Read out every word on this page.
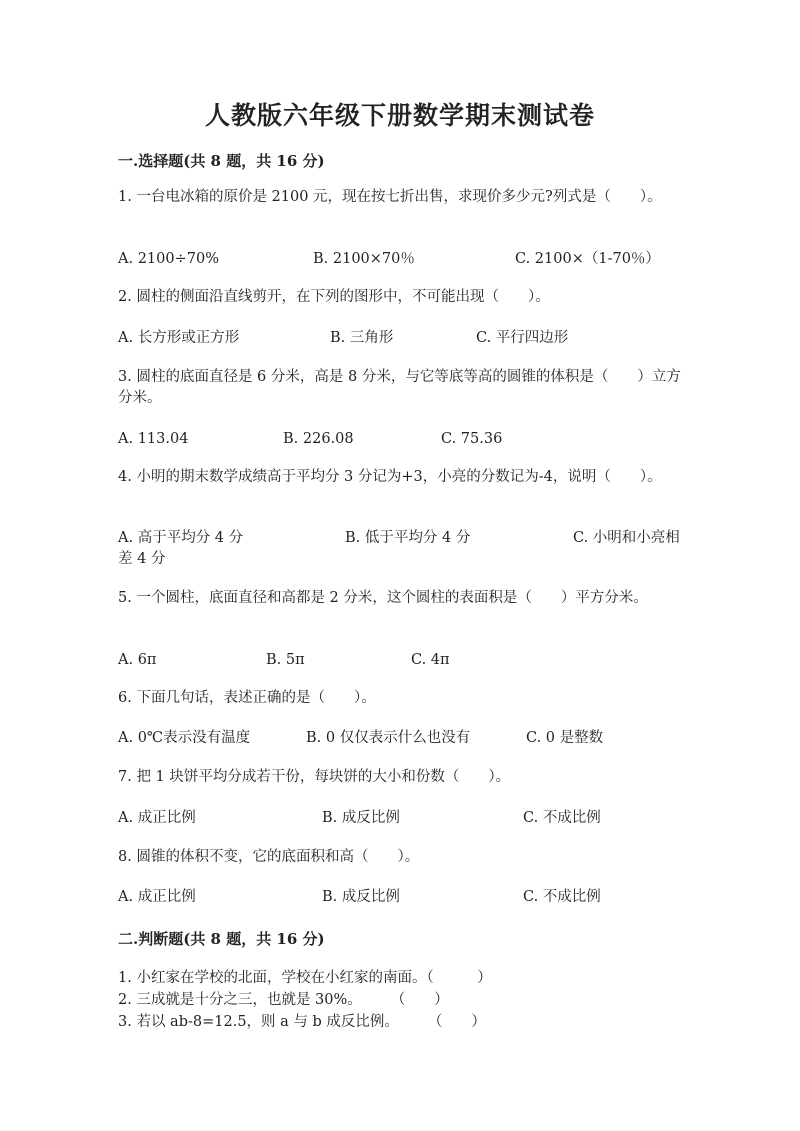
人教版六年级下册数学期末测试卷
一.选择题(共 8 题，共 16 分)
1. 一台电冰箱的原价是 2100 元，现在按七折出售，求现价多少元?列式是（　　）。
A. 2100÷70%	B. 2100×70％	C. 2100×（1-70％）
2. 圆柱的侧面沿直线剪开，在下列的图形中，不可能出现（　　）。
A. 长方形或正方形	B. 三角形	C. 平行四边形
3. 圆柱的底面直径是 6 分米，高是 8 分米，与它等底等高的圆锥的体积是（　　）立方分米。
A. 113.04	B. 226.08	C. 75.36
4. 小明的期末数学成绩高于平均分 3 分记为+3，小亮的分数记为-4，说明（　　）。
A. 高于平均分 4 分	B. 低于平均分 4 分	C. 小明和小亮相差 4 分
5. 一个圆柱，底面直径和高都是 2 分米，这个圆柱的表面积是（　　）平方分米。
A. 6π	B. 5π	C. 4π
6. 下面几句话，表述正确的是（　　）。
A. 0℃表示没有温度	B. 0 仅仅表示什么也没有	C. 0 是整数
7. 把 1 块饼平均分成若干份，每块饼的大小和份数（　　）。
A. 成正比例	B. 成反比例	C. 不成比例
8. 圆锥的体积不变，它的底面积和高（　　）。
A. 成正比例	B. 成反比例	C. 不成比例
二.判断题(共 8 题，共 16 分)
1. 小红家在学校的北面，学校在小红家的南面。（　　　）
2. 三成就是十分之三，也就是 30%。　　　（　　）
3. 若以 ab-8=12.5，则 a 与 b 成反比例。　　　（　　）
